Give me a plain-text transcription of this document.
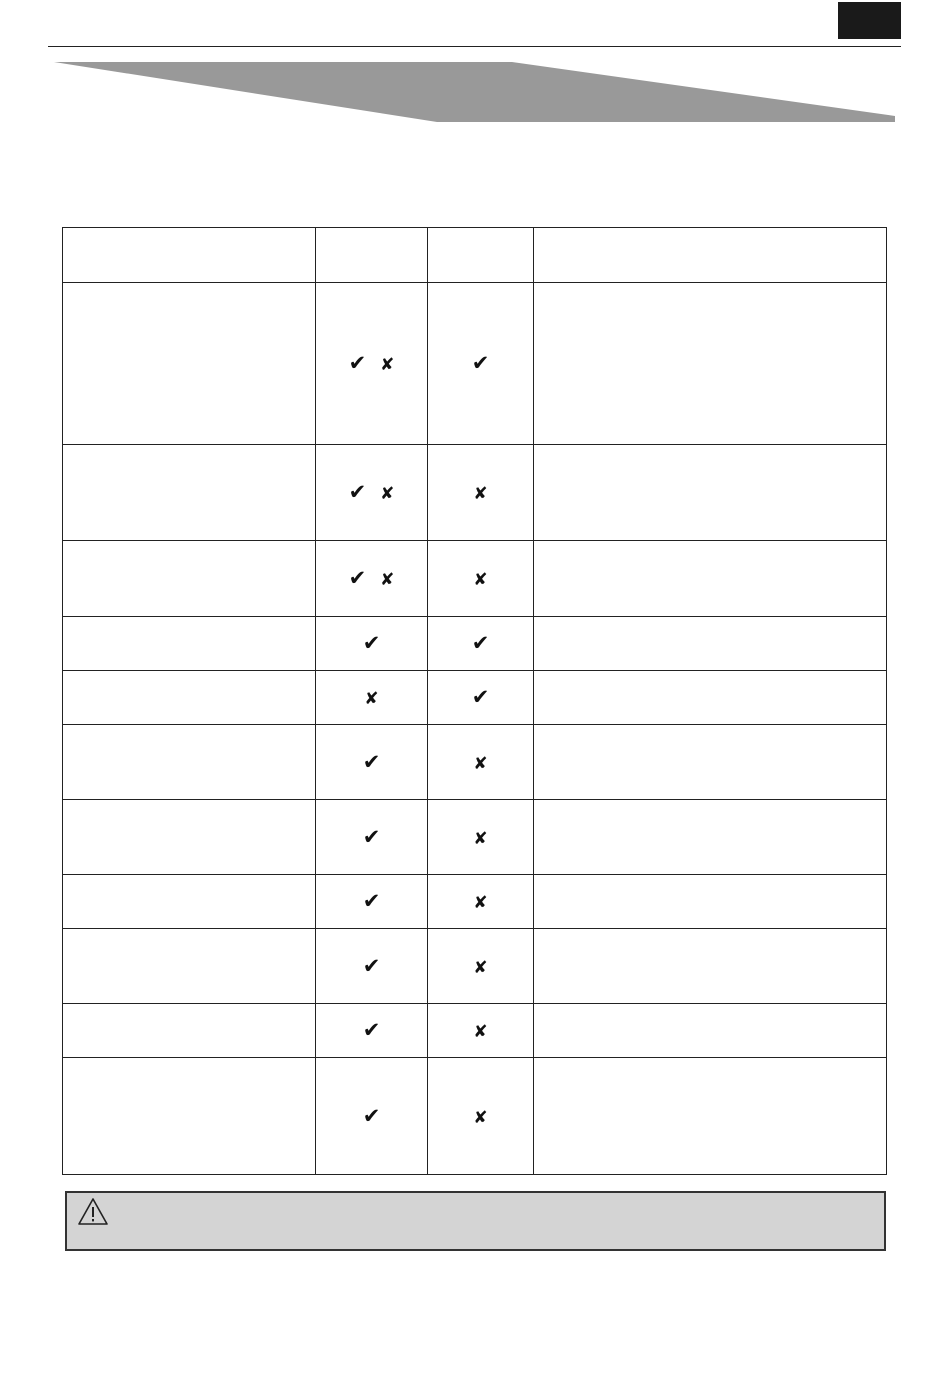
	✔ ✘	✔	
	✔ ✘	✘	
	✔ ✘	✘	
	✔	✔	
	✘	✔	
	✔	✘	
	✔	✘	
	✔	✘	
	✔	✘	
	✔	✘	
	✔	✘	
